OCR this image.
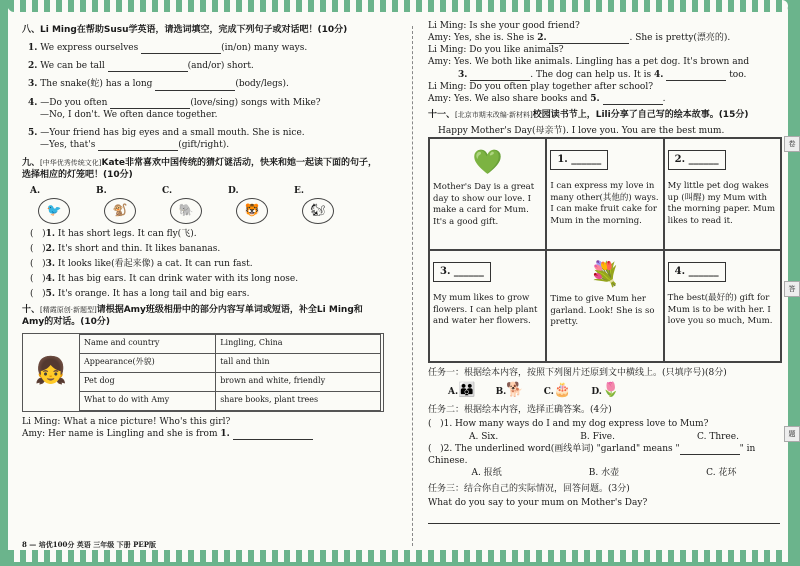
八、Li Ming在帮助Susu学英语，请选词填空，完成下列句子或对话吧！(10分)
1. We express ourselves	(in/on) many ways.
2. We can be tall	(and/or) short.
3. The snake(蛇) has a long	(body/legs).
4. —Do you often	(love/sing) songs with Mike?
—No, I don't. We often dance together.
5. —Your friend has big eyes and a small mouth. She is nice.
—Yes, that's	(gift/right).
九、[中华优秀传统文化]Kate非常喜欢中国传统的猜灯谜活动，快来和她一起读下面的句子，选择相应的灯笼吧！(10分)
A.
🐦
B.
🐒
C.
🐘
D.
🐯
E.
🐿
( )1. It has short legs. It can fly(飞).
( )2. It's short and thin. It likes bananas.
( )3. It looks like(看起来像) a cat. It can run fast.
( )4. It has big ears. It can drink water with its long nose.
( )5. It's orange. It has a long tail and big ears.
十、[精霞原创·新题型]请根据Amy班级相册中的部分内容写单词或短语，补全Li Ming和Amy的对话。(10分)
👧
Name and country	Lingling, China
Appearance(外貌)	tall and thin
Pet dog	brown and white, friendly
What to do with Amy	share books, plant trees
Li Ming: What a nice picture! Who's this girl?
Amy: Her name is Lingling and she is from 1.
Li Ming: Is she your good friend?
Amy: Yes, she is. She is 2.	. She is pretty(漂亮的).
Li Ming: Do you like animals?
Amy: Yes. We both like animals. Lingling has a pet dog. It's brown and
3.	. The dog can help us. It is 4.	too.
Li Ming: Do you often play together after school?
Amy: Yes. We also share books and 5.	.
十一、[北京市期末改编·新材料]校园读书节上，Lili分享了自己写的绘本故事。(15分)
Happy Mother's Day(母亲节). I love you. You are the best mum.
💚
Mother's Day is a great day to show our love. I make a card for Mum. It's a good gift.
1. ______

I can express my love in many other(其他的) ways. I can make fruit cake for Mum in the morning.
2. ______

My little pet dog wakes up (叫醒) my Mum with the morning paper. Mum likes to read it.
3. ______

My mum likes to grow flowers. I can help plant and water her flowers.
💐
Time to give Mum her garland. Look! She is so pretty.
4. ______

The best(最好的) gift for Mum is to be with her. I love you so much, Mum.
任务一：根据绘本内容，按照下列图片还原到文中横线上。(只填序号)(8分)
A.👪 B.🐕 C.🎂 D.🌷
任务二：根据绘本内容，选择正确答案。(4分)
(   )1. How many ways do I and my dog express love to Mum?
A. Six.	B. Five.	C. Three.
(   )2. The underlined word(画线单词) "garland" means "	" in Chinese.
A. 报纸	B. 水壶	C. 花环
任务三：结合你自己的实际情况，回答问题。(3分)
What do you say to your mum on Mother's Day?
卷
答
题
8 — 培优100分 英语 三年级 下册 PEP版
